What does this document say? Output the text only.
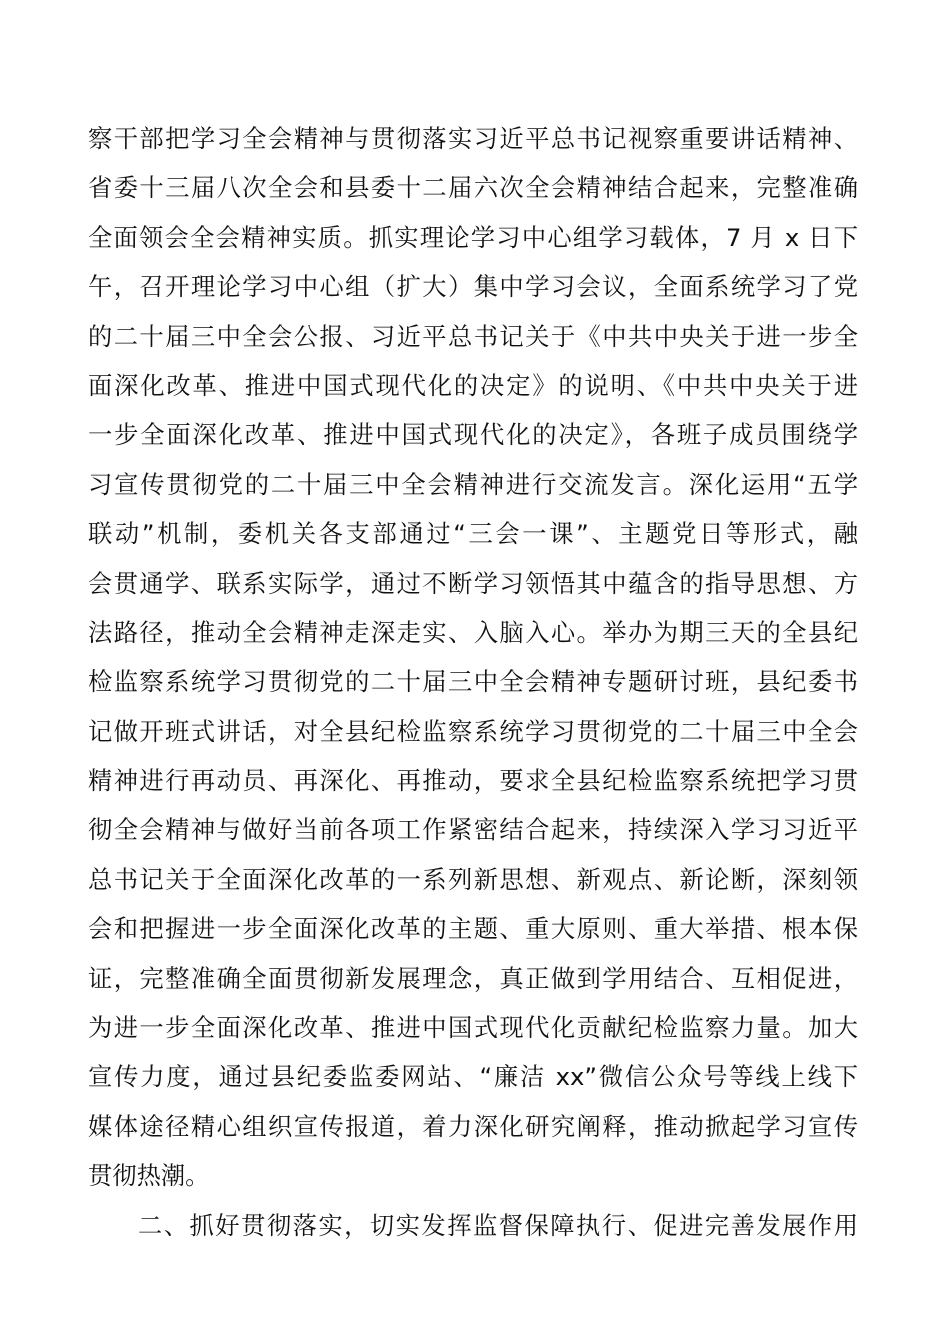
察干部把学习全会精神与贯彻落实习近平总书记视察重要讲话精神、
省委十三届八次全会和县委十二届六次全会精神结合起来，完整准确
全面领会全会精神实质。抓实理论学习中心组学习载体，7 月 x 日下
午，召开理论学习中心组（扩大）集中学习会议，全面系统学习了党
的二十届三中全会公报、习近平总书记关于《中共中央关于进一步全
面深化改革、推进中国式现代化的决定》的说明、《中共中央关于进
一步全面深化改革、推进中国式现代化的决定》，各班子成员围绕学
习宣传贯彻党的二十届三中全会精神进行交流发言。深化运用“五学
联动”机制，委机关各支部通过“三会一课”、主题党日等形式，融
会贯通学、联系实际学，通过不断学习领悟其中蕴含的指导思想、方
法路径，推动全会精神走深走实、入脑入心。举办为期三天的全县纪
检监察系统学习贯彻党的二十届三中全会精神专题研讨班，县纪委书
记做开班式讲话，对全县纪检监察系统学习贯彻党的二十届三中全会
精神进行再动员、再深化、再推动，要求全县纪检监察系统把学习贯
彻全会精神与做好当前各项工作紧密结合起来，持续深入学习习近平
总书记关于全面深化改革的一系列新思想、新观点、新论断，深刻领
会和把握进一步全面深化改革的主题、重大原则、重大举措、根本保
证，完整准确全面贯彻新发展理念，真正做到学用结合、互相促进，
为进一步全面深化改革、推进中国式现代化贡献纪检监察力量。加大
宣传力度，通过县纪委监委网站、“廉洁 xx”微信公众号等线上线下
媒体途径精心组织宣传报道，着力深化研究阐释，推动掀起学习宣传
贯彻热潮。
二、抓好贯彻落实，切实发挥监督保障执行、促进完善发展作用
